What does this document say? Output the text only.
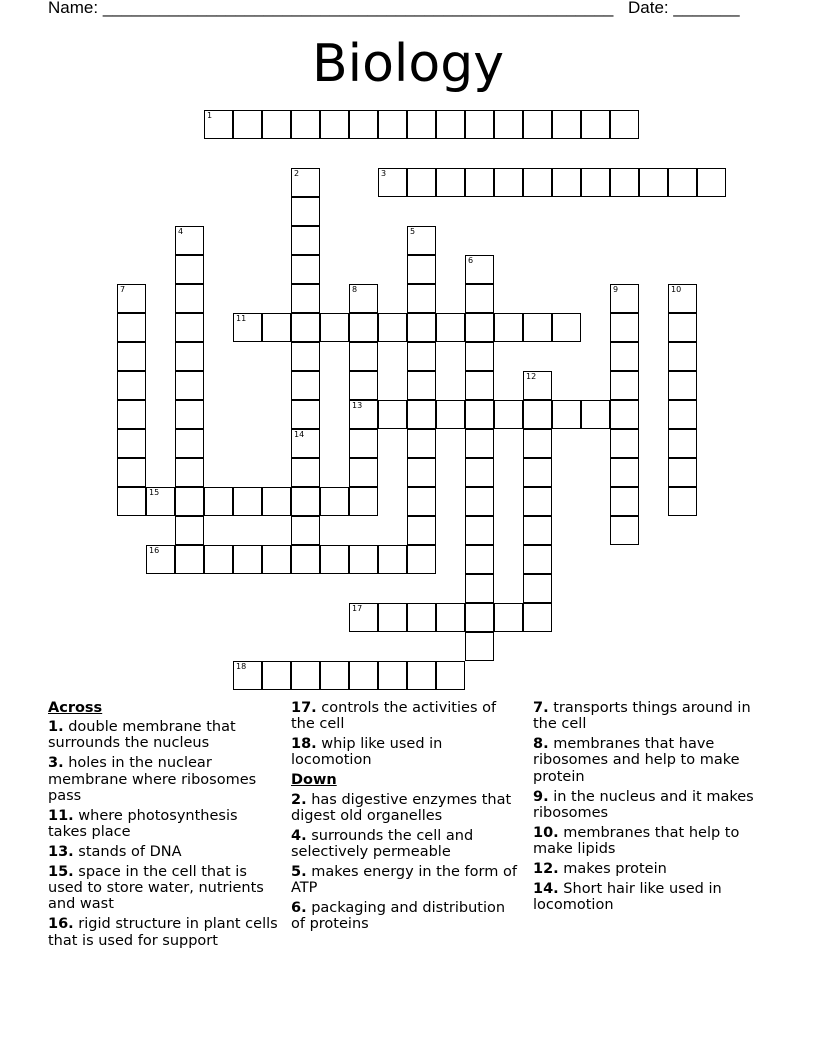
Name: ______________________________________________________ Date: _______
Biology
1
3
11
13
15
16
17
18
2
14
4	5
6
7	8	9	10
12
Across
1. double membrane that surrounds the nucleus
3. holes in the nuclear membrane where ribosomes pass
11. where photosynthesis takes place
13. stands of DNA
15. space in the cell that is used to store water, nutrients and wast
16. rigid structure in plant cells that is used for support
17. controls the activities of the cell
18. whip like used in locomotion
Down
2. has digestive enzymes that digest old organelles
4. surrounds the cell and selectively permeable
5. makes energy in the form of ATP
6. packaging and distribution of proteins
7. transports things around in the cell
8. membranes that have ribosomes and help to make protein
9. in the nucleus and it makes ribosomes
10. membranes that help to make lipids
12. makes protein
14. Short hair like used in locomotion
